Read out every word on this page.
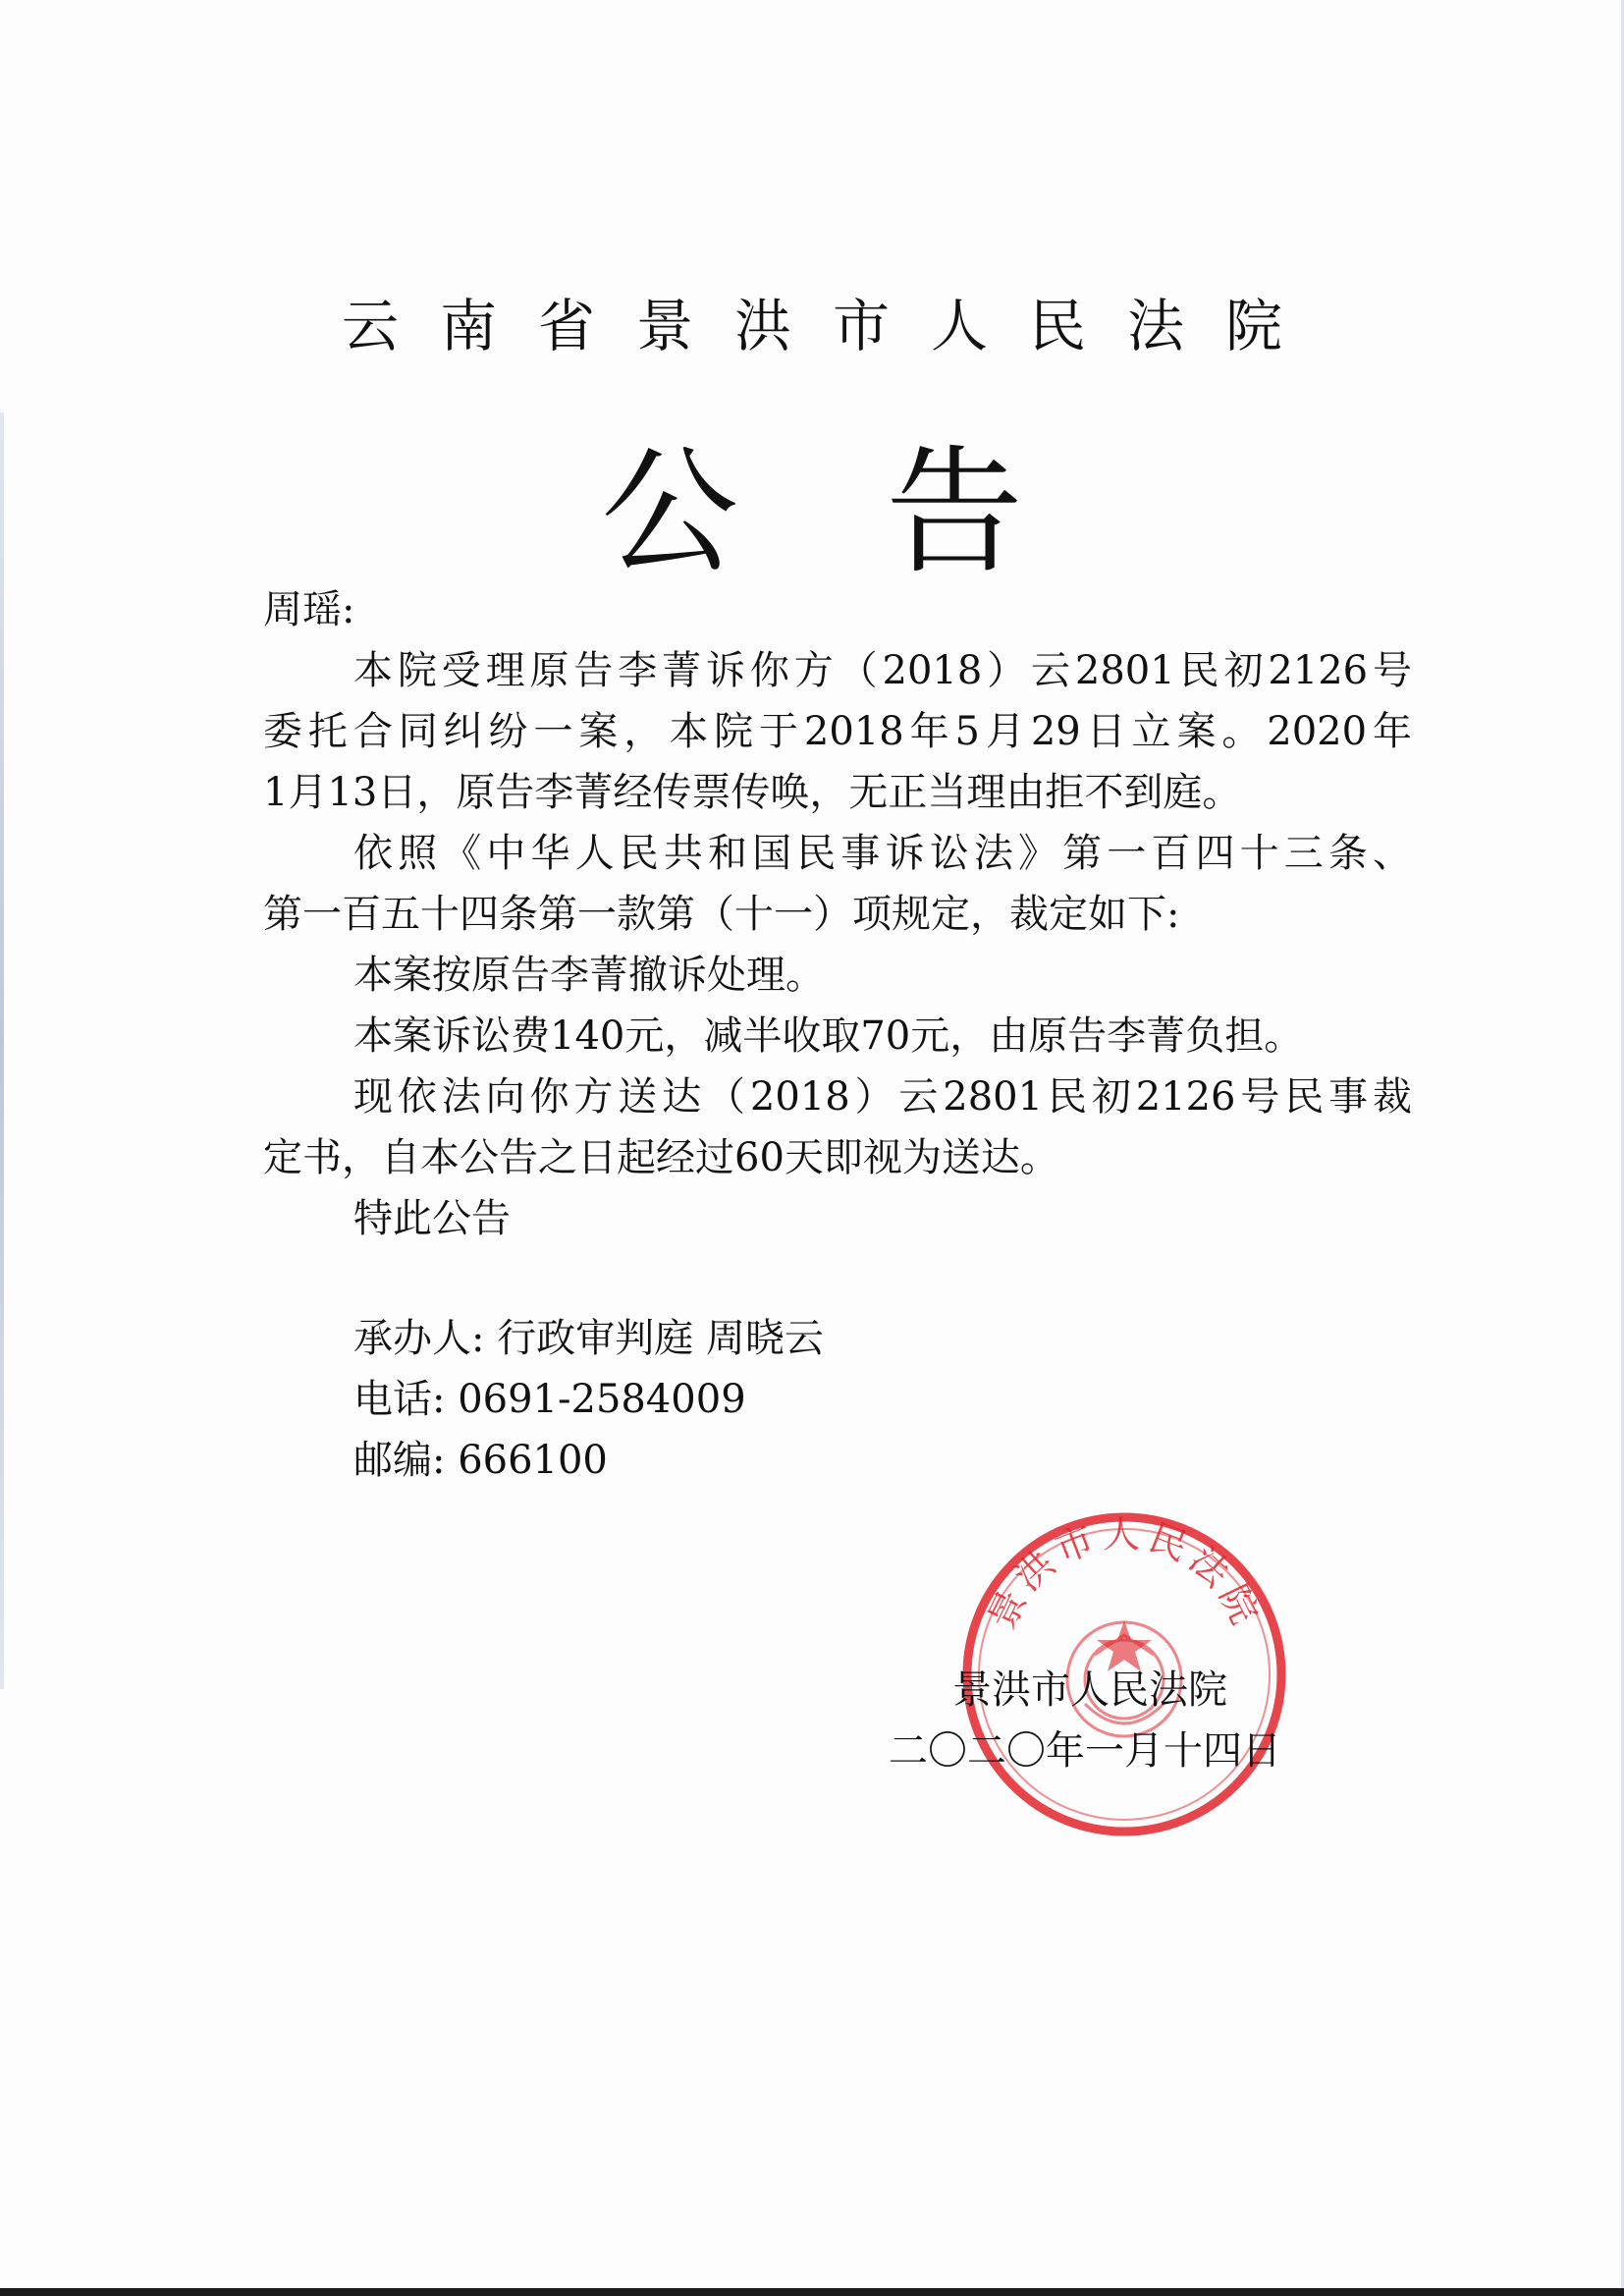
云南省景洪市人民法院
公 告
周瑶:
本院受理原告李菁诉你方（2018）云2801民初2126号
委托合同纠纷一案，本院于2018年5月29日立案。2020年
1月13日，原告李菁经传票传唤，无正当理由拒不到庭。
依照《中华人民共和国民事诉讼法》第一百四十三条、
第一百五十四条第一款第（十一）项规定，裁定如下:
本案按原告李菁撤诉处理。
本案诉讼费140元，减半收取70元，由原告李菁负担。
现依法向你方送达（2018）云2801民初2126号民事裁
定书，自本公告之日起经过60天即视为送达。
特此公告
承办人: 行政审判庭 周晓云
电话: 0691-2584009
邮编: 666100
景洪市人民法院
景洪市人民法院
二〇二〇年一月十四日
